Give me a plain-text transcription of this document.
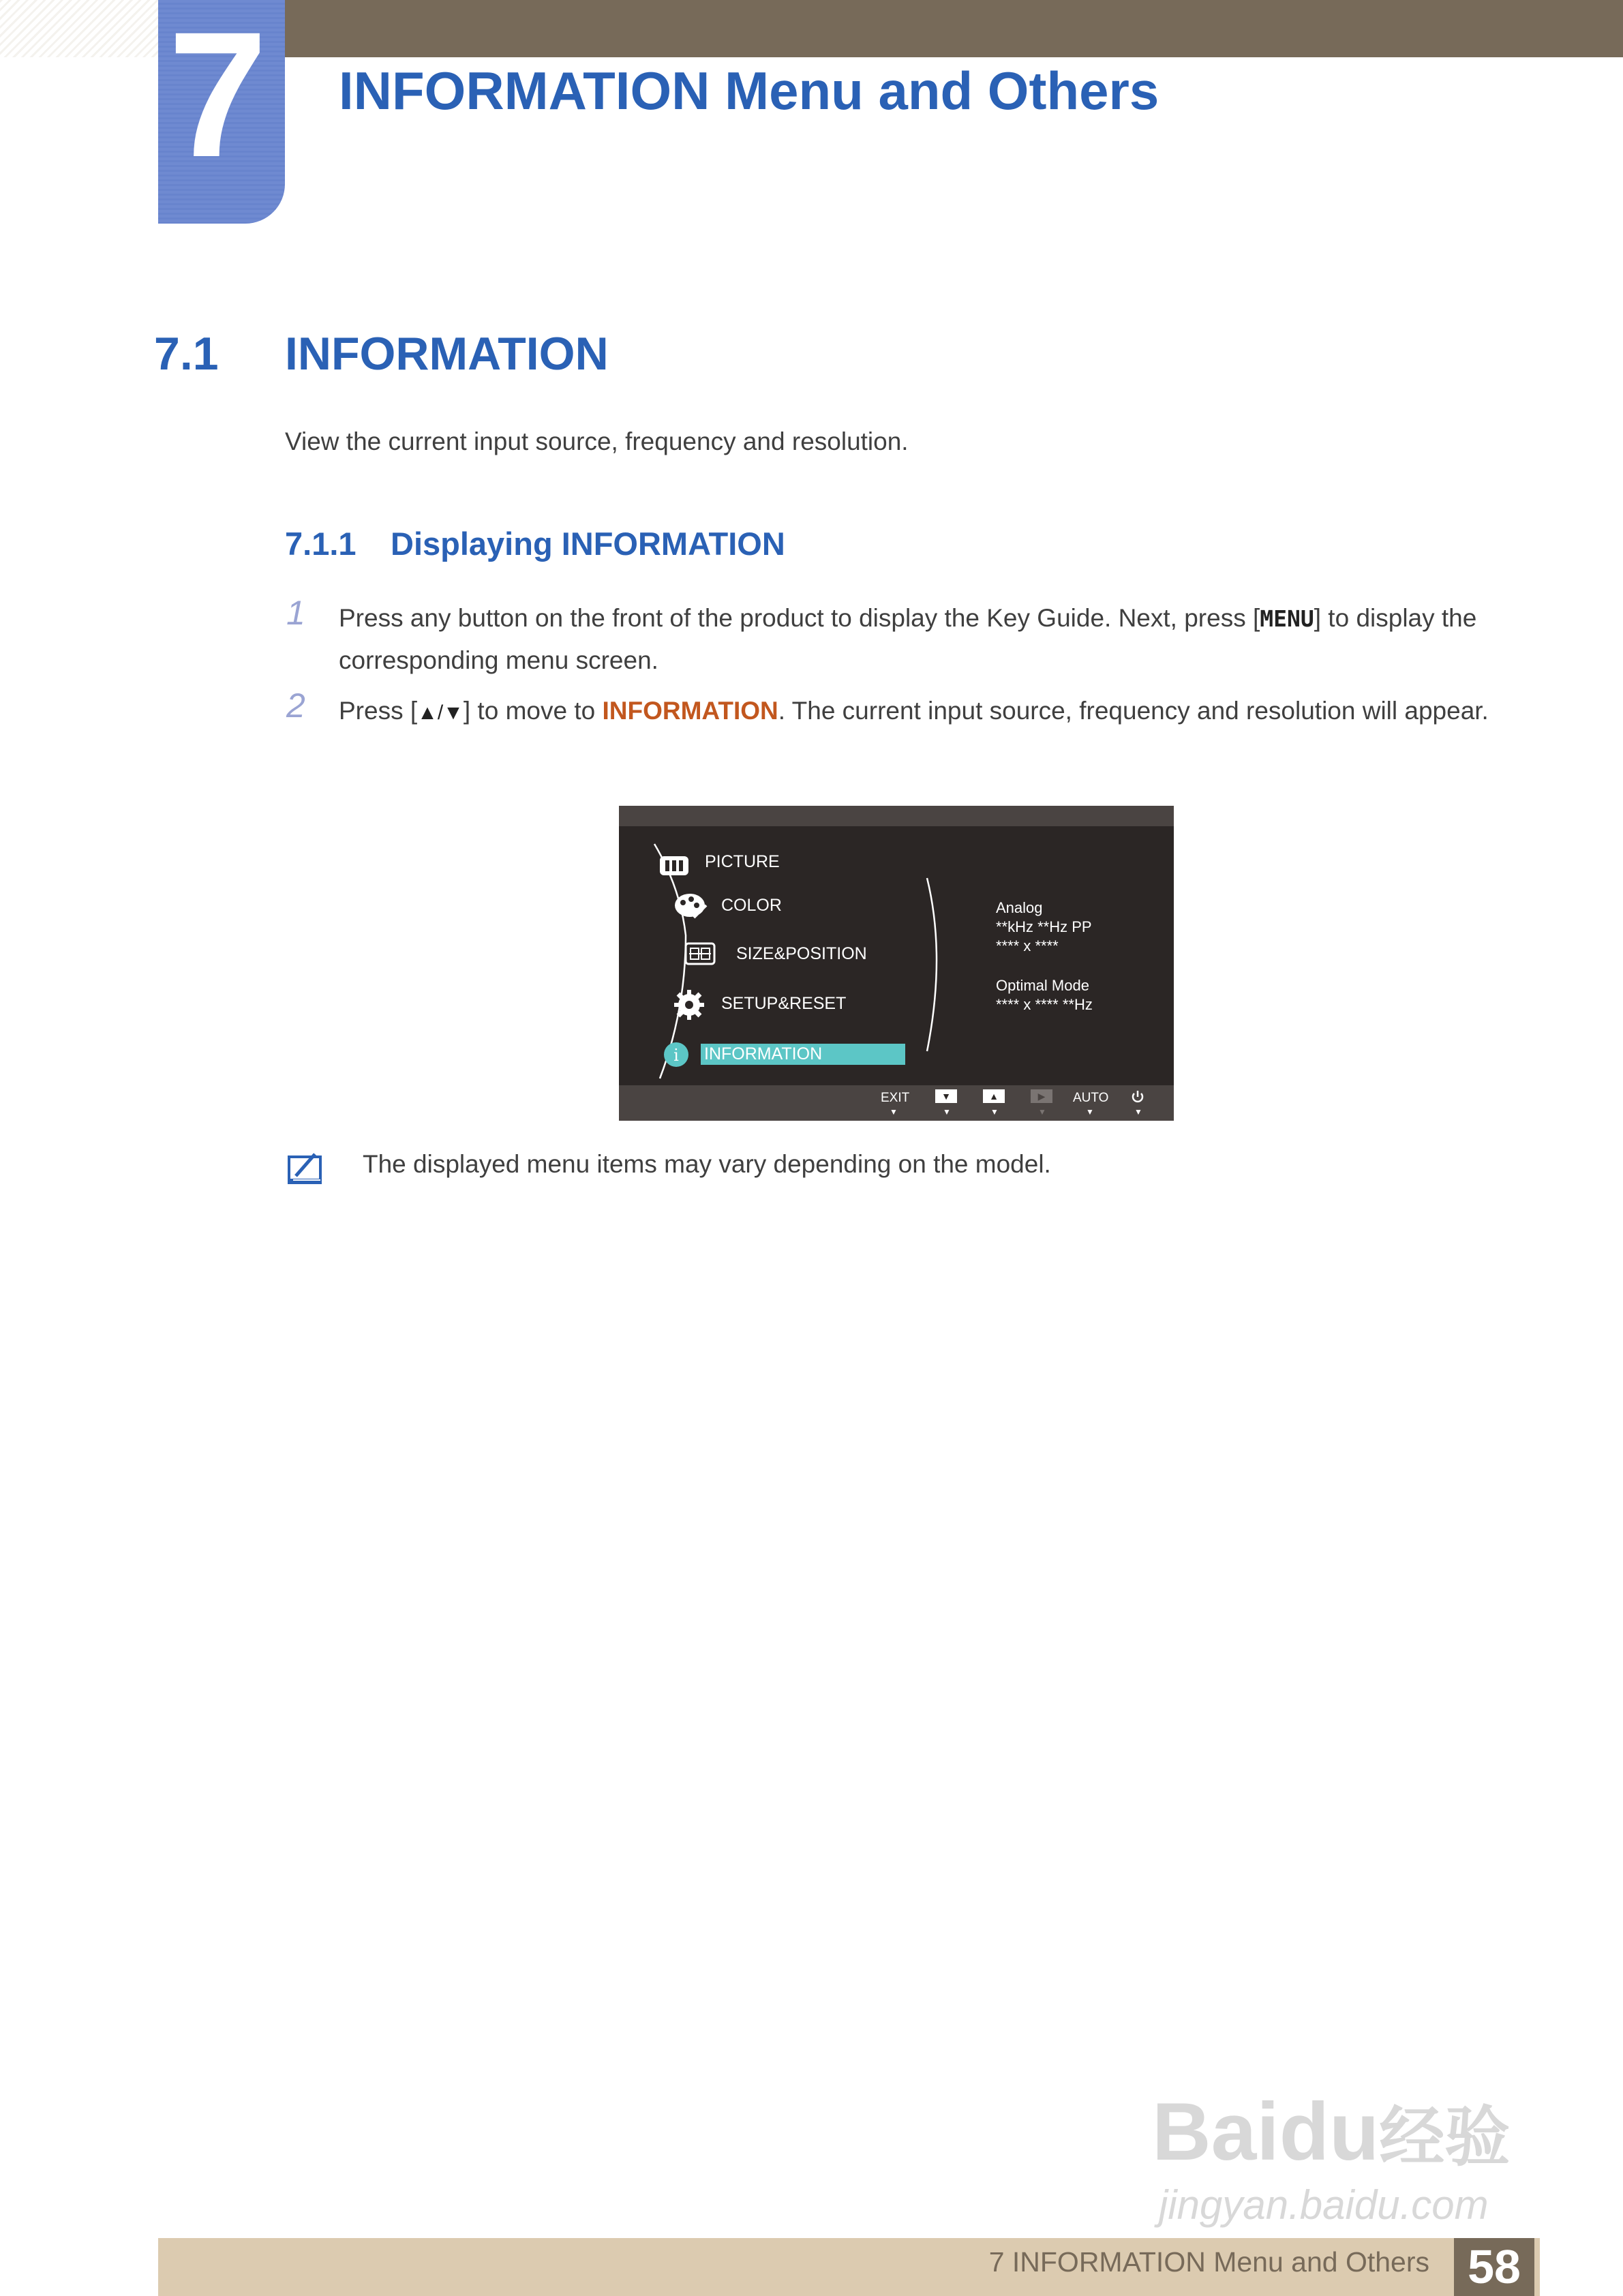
7 INFORMATION Menu and Others
7.1 INFORMATION
View the current input source, frequency and resolution.
7.1.1 Displaying INFORMATION
1 Press any button on the front of the product to display the Key Guide. Next, press [MENU] to display the corresponding menu screen.
2 Press [▲/▼] to move to INFORMATION. The current input source, frequency and resolution will appear.
PICTURE
COLOR
SIZE&POSITION
SETUP&RESET
i INFORMATION
Analog
**kHz **Hz PP
**** x ****
Optimal Mode
**** x **** **Hz
EXIT	▼	▲	▶	AUTO
▼	▼	▼	▼	▼	▼
The displayed menu items may vary depending on the model.
Baidu经验
jingyan.baidu.com
7 INFORMATION Menu and Others 58
